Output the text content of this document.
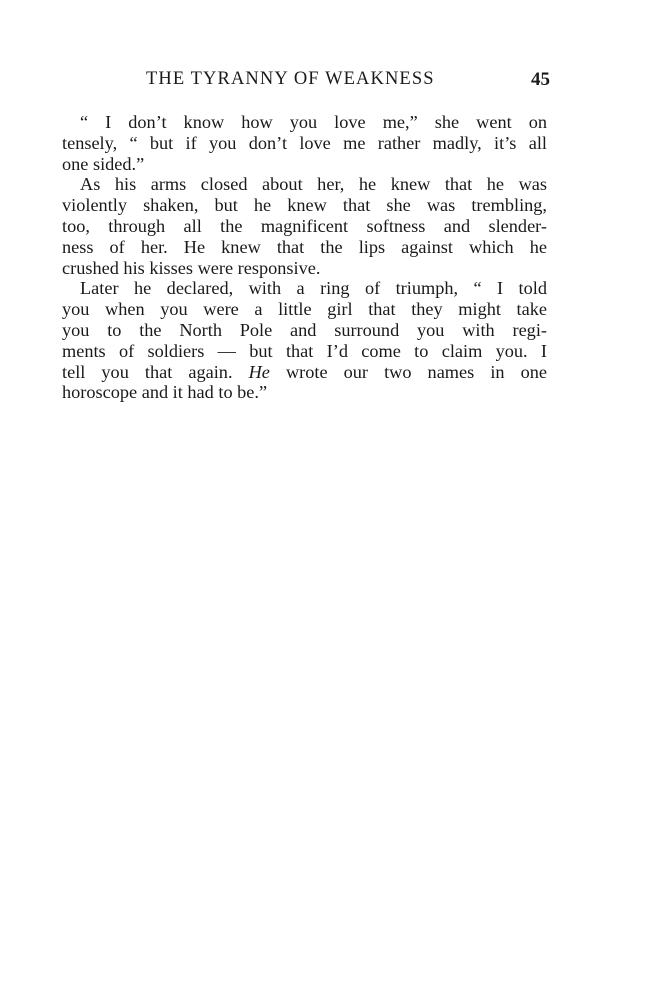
THE TYRANNY OF WEAKNESS	45
“ I don’t know how you love me,” she went on
tensely, “ but if you don’t love me rather madly, it’s all
one sided.”
As his arms closed about her, he knew that he was
violently shaken, but he knew that she was trembling,
too, through all the magnificent softness and slender-
ness of her. He knew that the lips against which he
crushed his kisses were responsive.
Later he declared, with a ring of triumph, “ I told
you when you were a little girl that they might take
you to the North Pole and surround you with regi-
ments of soldiers — but that I’d come to claim you. I
tell you that again. He wrote our two names in one
horoscope and it had to be.”
